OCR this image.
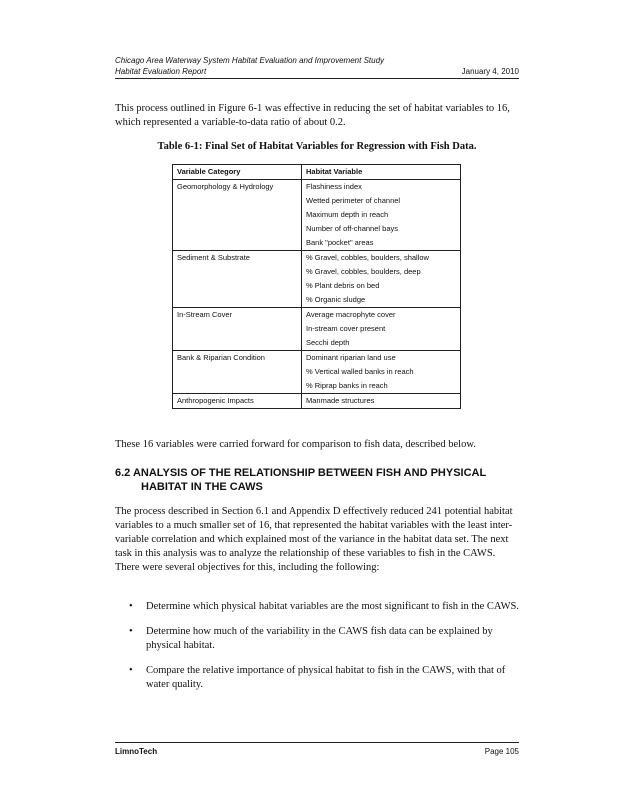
Chicago Area Waterway System Habitat Evaluation and Improvement Study
Habitat Evaluation Report	January 4, 2010

This process outlined in Figure 6-1 was effective in reducing the set of habitat variables to 16, which represented a variable-to-data ratio of about 0.2.

Table 6-1: Final Set of Habitat Variables for Regression with Fish Data.
Variable Category	Habitat Variable
Geomorphology & Hydrology	Flashiness index
	Wetted perimeter of channel
	Maximum depth in reach
	Number of off-channel bays
	Bank "pocket" areas
Sediment & Substrate	% Gravel, cobbles, boulders, shallow
	% Gravel, cobbles, boulders, deep
	% Plant debris on bed
	% Organic sludge
In-Stream Cover	Average macrophyte cover
	In-stream cover present
	Secchi depth
Bank & Riparian Condition	Dominant riparian land use
	% Vertical walled banks in reach
	% Riprap banks in reach
Anthropogenic Impacts	Manmade structures

These 16 variables were carried forward for comparison to fish data, described below.

6.2 ANALYSIS OF THE RELATIONSHIP BETWEEN FISH AND PHYSICAL
HABITAT IN THE CAWS

The process described in Section 6.1 and Appendix D effectively reduced 241 potential habitat variables to a much smaller set of 16, that represented the habitat variables with the least inter-variable correlation and which explained most of the variance in the habitat data set. The next task in this analysis was to analyze the relationship of these variables to fish in the CAWS. There were several objectives for this, including the following:

• Determine which physical habitat variables are the most significant to fish in the CAWS.
• Determine how much of the variability in the CAWS fish data can be explained by physical habitat.
• Compare the relative importance of physical habitat to fish in the CAWS, with that of water quality.
LimnoTech	Page 105
